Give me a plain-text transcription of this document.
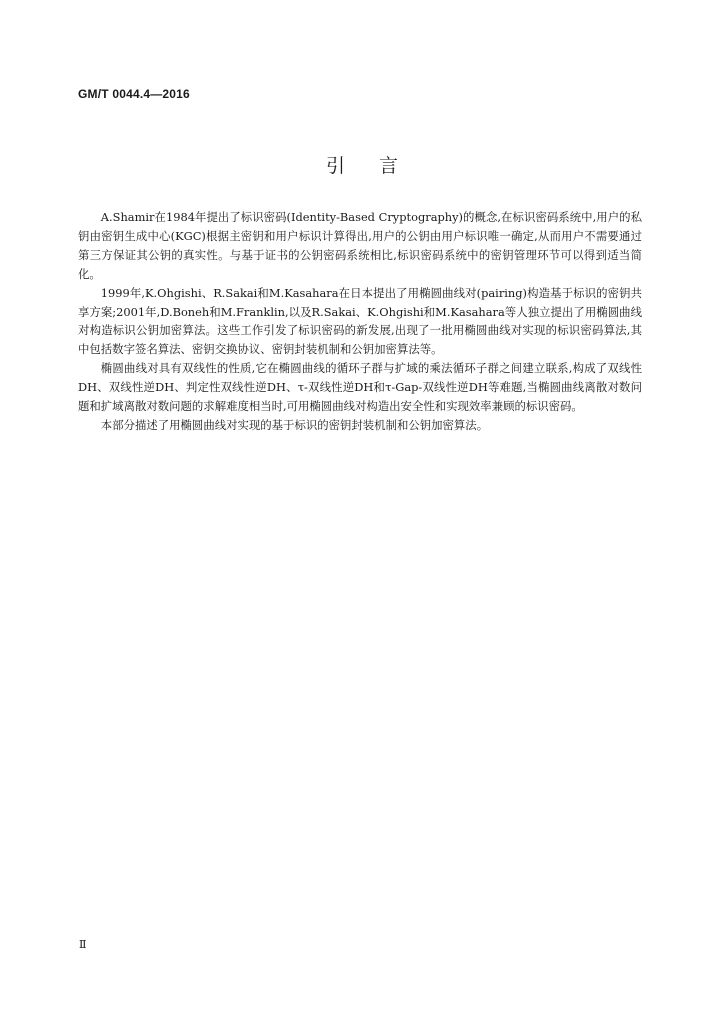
GM/T 0044.4—2016
引言

A.Shamir在1984年提出了标识密码(Identity-Based Cryptography)的概念,在标识密码系统中,用户的私钥由密钥生成中心(KGC)根据主密钥和用户标识计算得出,用户的公钥由用户标识唯一确定,从而用户不需要通过第三方保证其公钥的真实性。与基于证书的公钥密码系统相比,标识密码系统中的密钥管理环节可以得到适当简化。

1999年,K.Ohgishi、R.Sakai和M.Kasahara在日本提出了用椭圆曲线对(pairing)构造基于标识的密钥共享方案;2001年,D.Boneh和M.Franklin,以及R.Sakai、K.Ohgishi和M.Kasahara等人独立提出了用椭圆曲线对构造标识公钥加密算法。这些工作引发了标识密码的新发展,出现了一批用椭圆曲线对实现的标识密码算法,其中包括数字签名算法、密钥交换协议、密钥封装机制和公钥加密算法等。

椭圆曲线对具有双线性的性质,它在椭圆曲线的循环子群与扩域的乘法循环子群之间建立联系,构成了双线性DH、双线性逆DH、判定性双线性逆DH、τ-双线性逆DH和τ-Gap-双线性逆DH等难题,当椭圆曲线离散对数问题和扩域离散对数问题的求解难度相当时,可用椭圆曲线对构造出安全性和实现效率兼顾的标识密码。

本部分描述了用椭圆曲线对实现的基于标识的密钥封装机制和公钥加密算法。

Ⅱ
